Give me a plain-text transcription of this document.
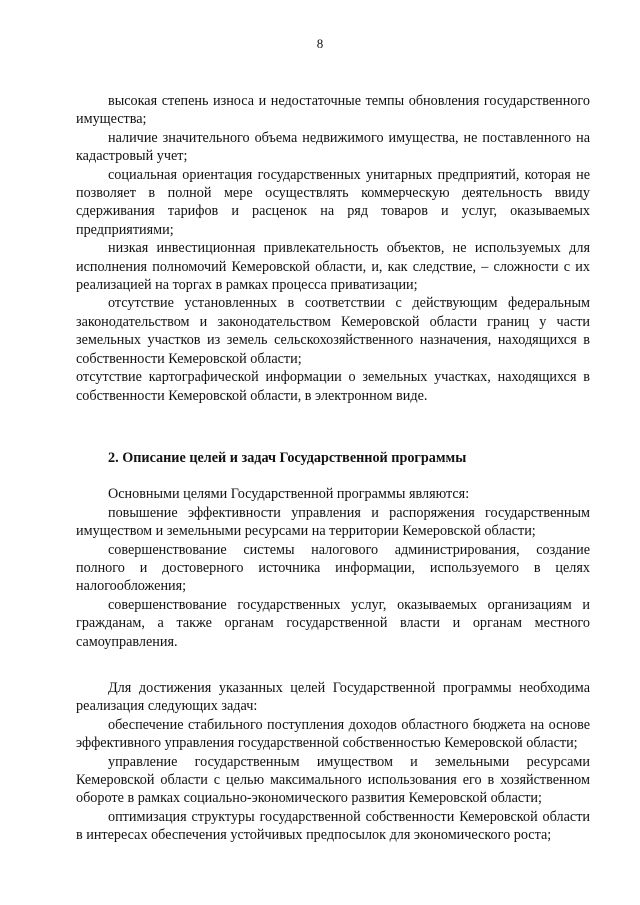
8

высокая степень износа и недостаточные темпы обновления государственного имущества;

наличие значительного объема недвижимого имущества, не поставленного на кадастровый учет;

социальная ориентация государственных унитарных предприятий, которая не позволяет в полной мере осуществлять коммерческую деятельность ввиду сдерживания тарифов и расценок на ряд товаров и услуг, оказываемых предприятиями;

низкая инвестиционная привлекательность объектов, не используемых для исполнения полномочий Кемеровской области, и, как следствие, – сложности с их реализацией на торгах в рамках процесса приватизации;

отсутствие установленных в соответствии с действующим федеральным законодательством и законодательством Кемеровской области границ у части земельных участков из земель сельскохозяйственного назначения, находящихся в собственности Кемеровской области;

отсутствие картографической информации о земельных участках, находящихся в собственности Кемеровской области, в электронном виде.

2. Описание целей и задач Государственной программы

Основными целями Государственной программы являются:

повышение эффективности управления и распоряжения государственным имуществом и земельными ресурсами на территории Кемеровской области;

совершенствование системы налогового администрирования, создание полного и достоверного источника информации, используемого в целях налогообложения;

совершенствование государственных услуг, оказываемых организациям и гражданам, а также органам государственной власти и органам местного самоуправления.

Для достижения указанных целей Государственной программы необходима реализация следующих задач:

обеспечение стабильного поступления доходов областного бюджета на основе эффективного управления государственной собственностью Кемеровской области;

управление государственным имуществом и земельными ресурсами Кемеровской области с целью максимального использования его в хозяйственном обороте в рамках социально-экономического развития Кемеровской области;

оптимизация структуры государственной собственности Кемеровской области в интересах обеспечения устойчивых предпосылок для экономического роста;
